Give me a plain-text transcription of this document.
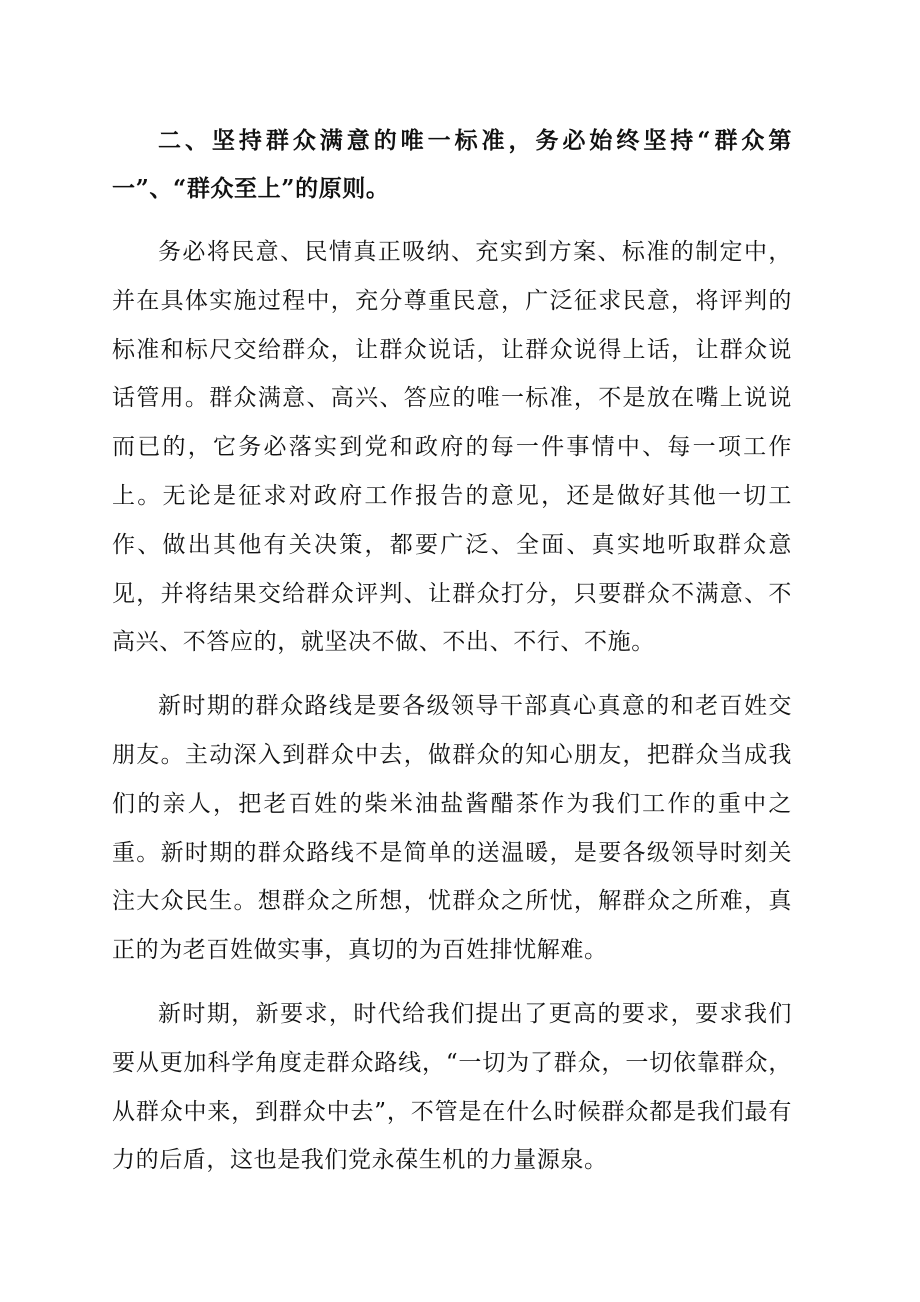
二、坚持群众满意的唯一标准，务必始终坚持“群众第一”、“群众至上”的原则。

务必将民意、民情真正吸纳、充实到方案、标准的制定中，并在具体实施过程中，充分尊重民意，广泛征求民意，将评判的标准和标尺交给群众，让群众说话，让群众说得上话，让群众说话管用。群众满意、高兴、答应的唯一标准，不是放在嘴上说说而已的，它务必落实到党和政府的每一件事情中、每一项工作上。无论是征求对政府工作报告的意见，还是做好其他一切工作、做出其他有关决策，都要广泛、全面、真实地听取群众意见，并将结果交给群众评判、让群众打分，只要群众不满意、不高兴、不答应的，就坚决不做、不出、不行、不施。

新时期的群众路线是要各级领导干部真心真意的和老百姓交朋友。主动深入到群众中去，做群众的知心朋友，把群众当成我们的亲人，把老百姓的柴米油盐酱醋茶作为我们工作的重中之重。新时期的群众路线不是简单的送温暖，是要各级领导时刻关注大众民生。想群众之所想，忧群众之所忧，解群众之所难，真正的为老百姓做实事，真切的为百姓排忧解难。

新时期，新要求，时代给我们提出了更高的要求，要求我们要从更加科学角度走群众路线，“一切为了群众，一切依靠群众，从群众中来，到群众中去”，不管是在什么时候群众都是我们最有力的后盾，这也是我们党永葆生机的力量源泉。
